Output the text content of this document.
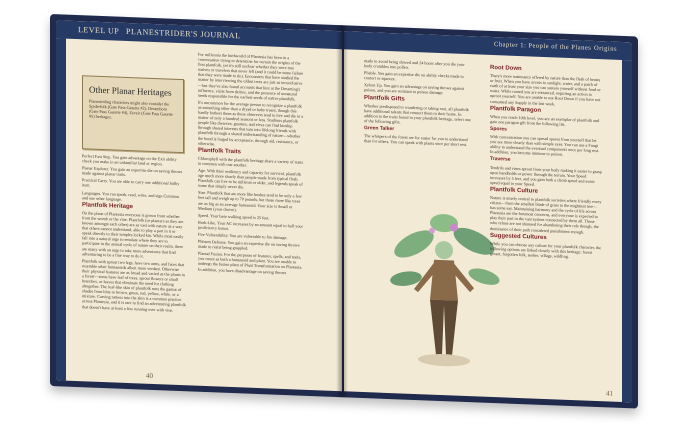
LEVEL UP PLANESTRIDER'S JOURNAL
Other Planar Heritages

Planestriding characters might also consider the Spiderfolk (Gate Pass Gazette #2), Dreamborn (Gate Pass Gazette #4), Zeveir (Gate Pass Gazette #5) heritages.

Perfect Fast Step. You gain advantage on the Exit ability check you make in an unfamiliar land or region.

Planar Explorer. You gain an expertise die on saving throws made against planar traits.

Practical Carry. You are able to carry one additional bulky item.

Languages. You can speak, read, write, and sign Common and one other language.

Plantfolk Heritage

On the plane of Plantesia everyone is grown from whether from the womb or the vine. Plantfolk (or planters as they are known amongst each other) are as vast with nature as a way that others cannot understand, able to play a part in it or speak directly to their temples locked kin. While most easily fall into a natural urge to emulate where they are to participate in the annual cycle of nature on their realm, there are many with an urge to take more adventures that find adventuring to be a fine way to do it.

Plantfolk with sprout two legs, have two arms, and faces that resemble other humanoids albeit more verdant. Otherwise their physical features are as broad and varied as the plants in a forest—some have leaf of trees, sprout flowers or small branches, or leaves that eliminate the need for clothing altogether. The leaf-like skin of plantfolk runs the gamut of shades from blue to brown, green, red, yellow, white, or a mixture. Carving tattoos into the skin is a common practice across Plantesia, and it is rare to find an adventuring plantfolk that doesn't have at least a few running over with vine.

For millennia the birthworld of Plantesia has been in a conversation trying to determine for certain the origins of the first plantfolk, yet it's still unclear whether they were true natives or travelers that never left (and it could be some failure that they were made to do). Encounters that have studied the matter by interviewing the oldest trees are just as inconclusive—but they've also found accounts that hint at the Dreaming's influence, visits from deities, and the presence of unnatural seeds responsible for the earliest seeds of native plantfolk.

It's uncommon for the average person to recognize a plantfolk as something other than a dryad or baby treant, though this hardly bothers them as these observers tend to live and die in a matter of only a hundred seasons or less. Studious plantfolk people like dwarves, gnomes, and elves can find kinship through shared interests that turn into lifelong friends with plantfolk through a shared understanding of nature—whether the bond is forged by acceptance, through aid, resistance, or otherwise.

Plantfolk Traits

Chlorophyll with the plantfolk heritage share a variety of traits in common with one another.

Age. With their resiliency and capacity for survival, plantfolk age much more slowly than people made from typical flesh. Plantfolk can live to be millenia or older, and legends speak of some that simply never die.

Size. Plantfolk that are more like bushes tend to be only a few feet tall and weigh up to 70 pounds, but those more like trees are as big as an average humanoid. Your size is Small or Medium (your choice).

Speed. Your base walking speed is 25 feet.

Bark-Like. Your AC increases by an amount equal to half your proficiency bonus.

Fire Vulnerability. You are vulnerable to fire damage.

Phloem Defense. You gain an expertise die on saving throws made to resist being grappled.

Plantal Fusion. For the purposes of features, spells, and traits, you count as both a humanoid and plant. You are unable to undergo the fusion plant of Plant Transformation on Plantesia. In addition, you have disadvantage on saving throws

40
Chapter 1: People of the Planes Origins

made to avoid being slowed and 24 hours after you die your body crumbles into pollen.

Pliable. You gain an expertise die on ability checks made to contort or squeeze.

Xylem Up. You gain an advantage on saving throws against poison, and you are resistant to poison damage.

Plantfolk Gifts

Whether predisposed to wandering or taking root, all plantfolk have additional talents that connect them to their home. In addition to the traits found in your plantfolk heritage, select one of the following gifts.

Green Talker

The whispers of the forest are for easier for you to understand than for others. You can speak with plants once per short rest.

Root Down

There's more sustenance offered by nature than the flesh of beasts or fruit. When you have access to sunlight, water, and a patch of earth of at least your size you can sustain yourself without food or water. While rooted you are entranced, requiring an action to uproot yourself. You are unable to use Root Down if you have not consumed any Supply in the last week.

Plantfolk Paragon

When you reach 10th level, you are an exemplar of plantfolk and gain one paragon gift from the following list.

Spores

With concentration you can spread spores from yourself that let you see more clearly than with simple eyes. You can use a Fungi ability to understand the eventual components once per long rest. In addition, you become immune to poison.

Traverse

Tendrils and vines sprout from your body making it easier to grasp upon handholds or power through the terrain. Your Speed increases by 5 feet, and you gain both a climb speed and swim speed equal to your Speed.

Plantfolk Culture

Nature is utterly central to plantfolk societies where friendly every citizen—from the smallest blade of grass to the mightiest tree—has some say. Maintaining harmony and the cycle of life across Plantesia are the foremost concerns, and everyone is expected to play their part in the vast system connected by them all. Those who refuse are not shunned for abandoning their role though, the dominance of their path considered punishment enough.

Suggested Cultures

While you can choose any culture for your plantfolk character, the following options are linked closely with this heritage: forest greant, forgotten folk, seeker, village, wildling.

41
